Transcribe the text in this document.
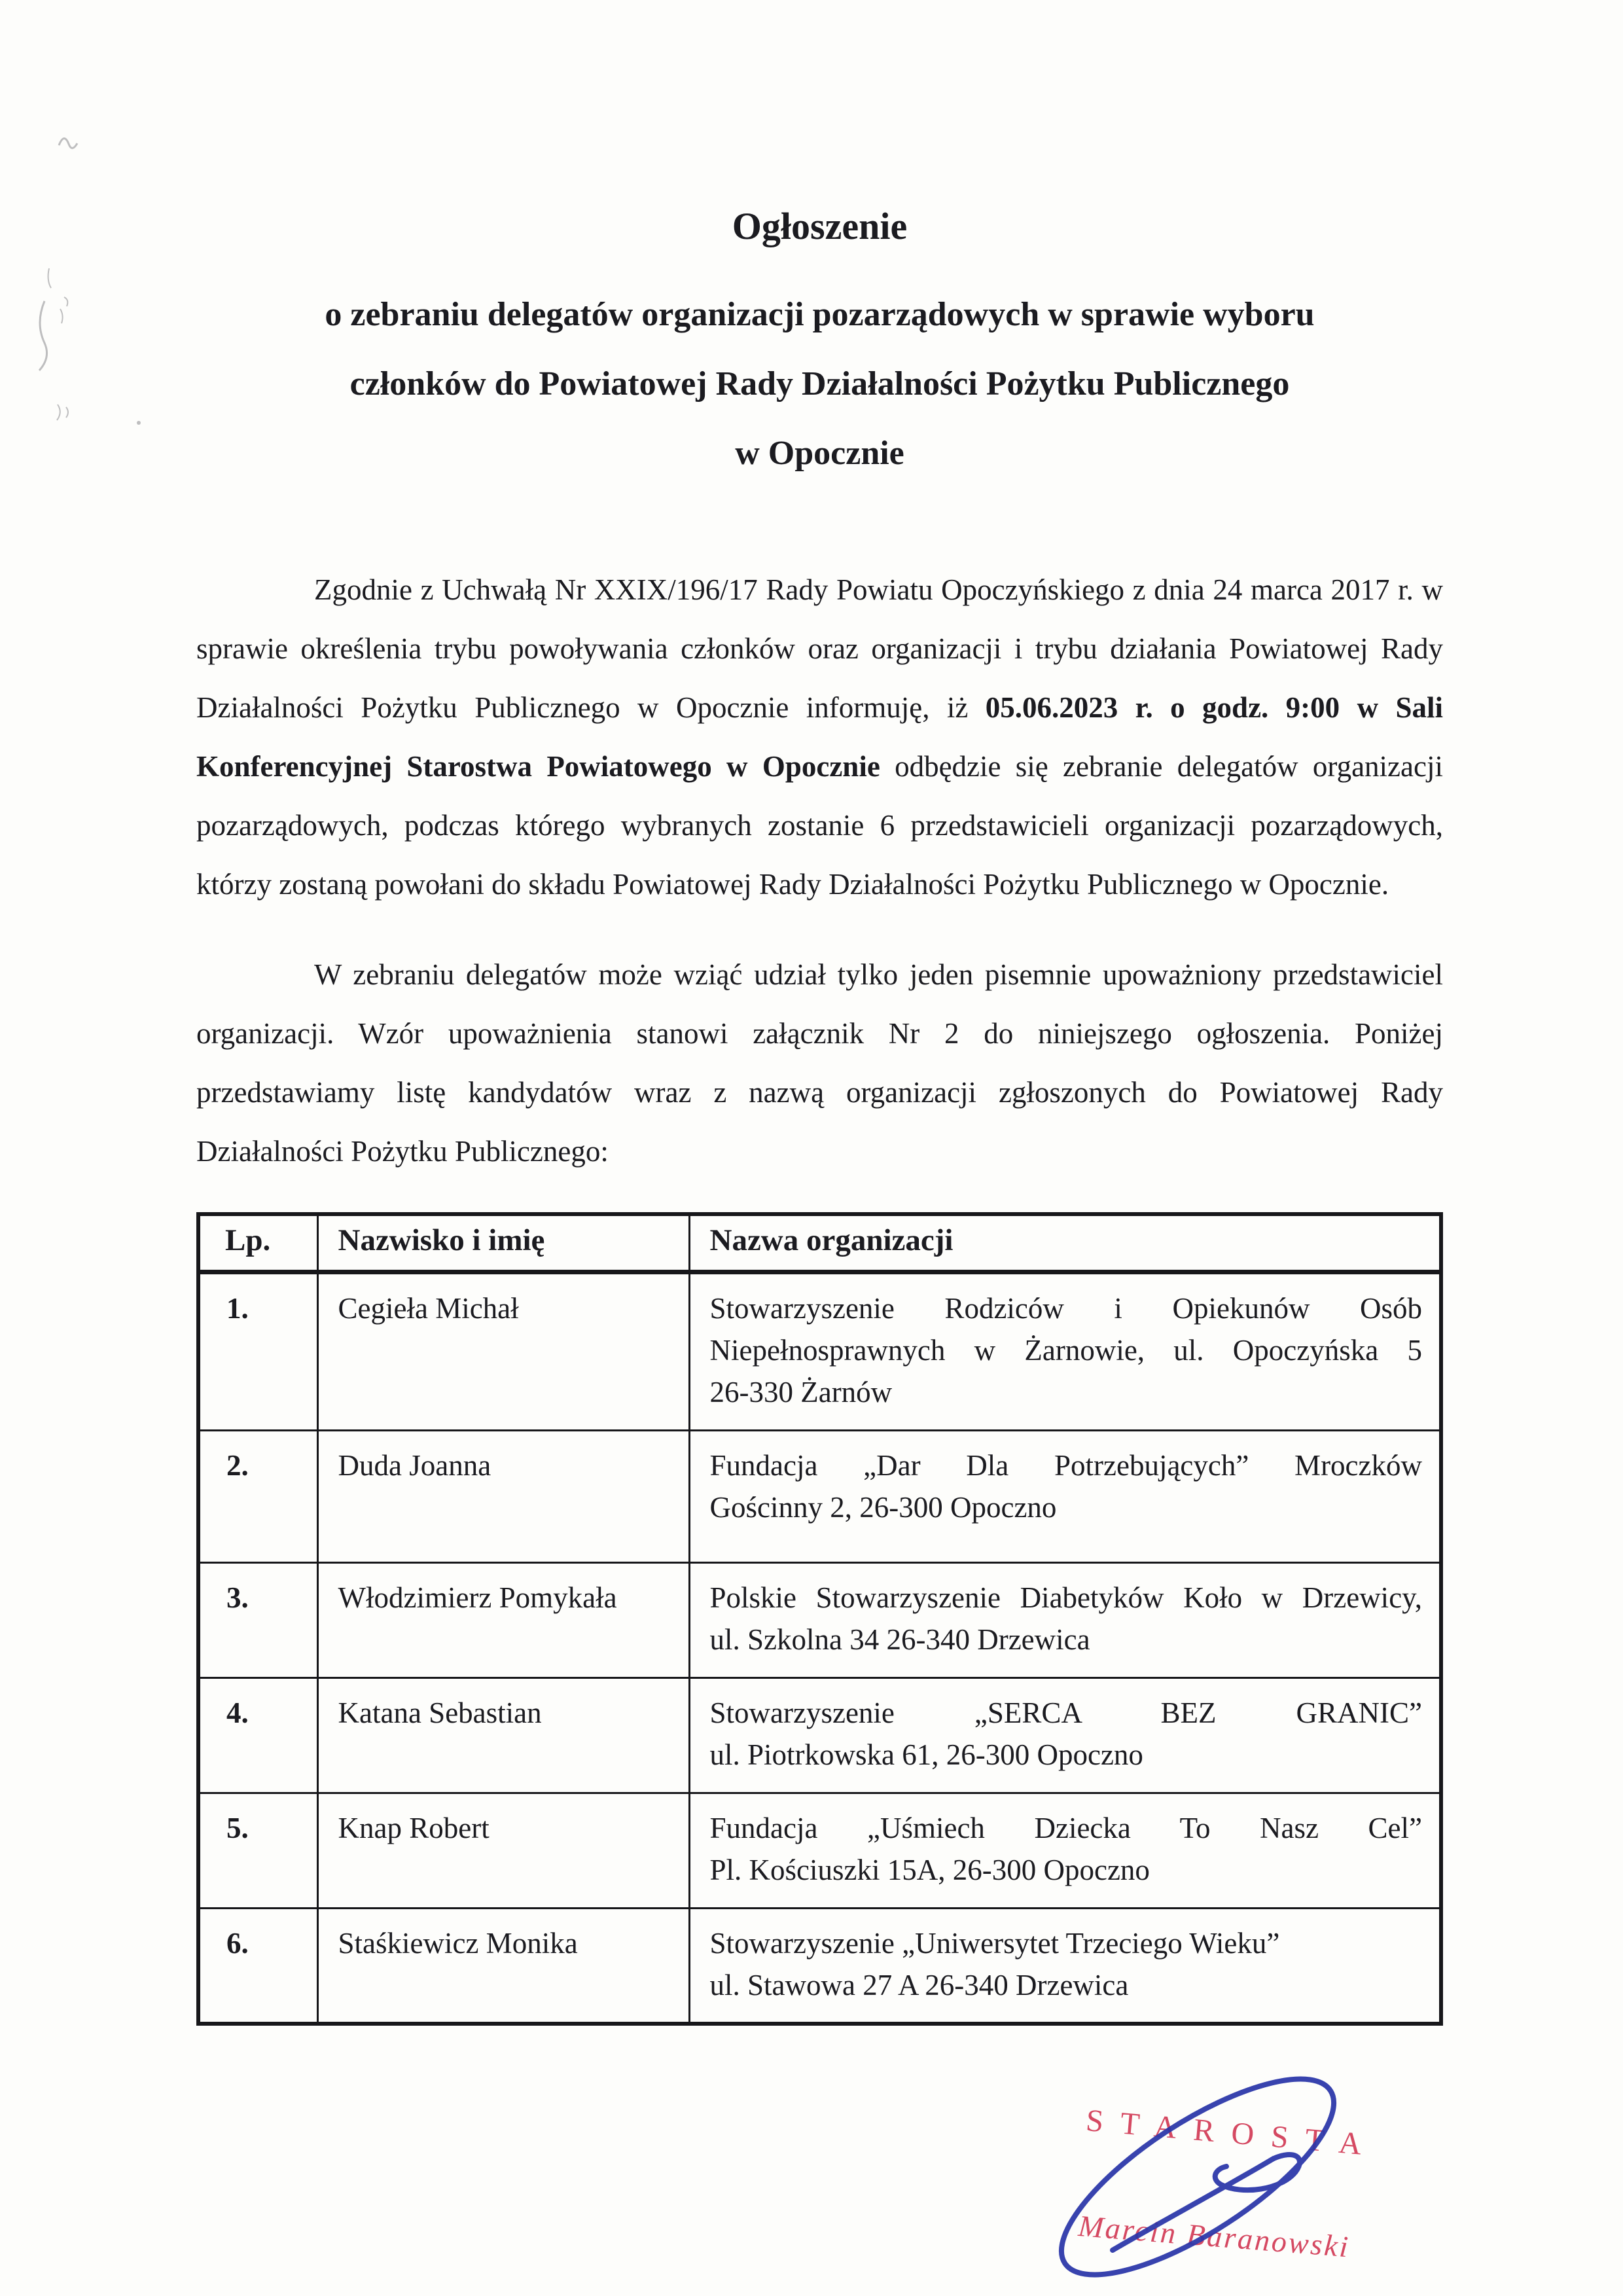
Ogłoszenie
o zebraniu delegatów organizacji pozarządowych w sprawie wyboru
członków do Powiatowej Rady Działalności Pożytku Publicznego
w Opocznie

Zgodnie z Uchwałą Nr XXIX/196/17 Rady Powiatu Opoczyńskiego z dnia 24 marca 2017 r. w sprawie określenia trybu powoływania członków oraz organizacji i trybu działania Powiatowej Rady Działalności Pożytku Publicznego w Opocznie informuję, iż 05.06.2023 r. o godz. 9:00 w Sali Konferencyjnej Starostwa Powiatowego w Opocznie odbędzie się zebranie delegatów organizacji pozarządowych, podczas którego wybranych zostanie 6 przedstawicieli organizacji pozarządowych, którzy zostaną powołani do składu Powiatowej Rady Działalności Pożytku Publicznego w Opocznie.

W zebraniu delegatów może wziąć udział tylko jeden pisemnie upoważniony przedstawiciel organizacji. Wzór upoważnienia stanowi załącznik Nr 2 do niniejszego ogłoszenia. Poniżej przedstawiamy listę kandydatów wraz z nazwą organizacji zgłoszonych do Powiatowej Rady Działalności Pożytku Publicznego:

Lp.	Nazwisko i imię	Nazwa organizacji
1.	Cegieła Michał	Stowarzyszenie Rodziców i Opiekunów Osób
Niepełnosprawnych w Żarnowie, ul. Opoczyńska 5
26-330 Żarnów

2.	Duda Joanna	Fundacja „Dar Dla Potrzebujących” Mroczków
Gościnny 2, 26-300 Opoczno

3.	Włodzimierz Pomykała	Polskie Stowarzyszenie Diabetyków Koło w Drzewicy,
ul. Szkolna 34 26-340 Drzewica

4.	Katana Sebastian	Stowarzyszenie „SERCA BEZ GRANIC”
ul. Piotrkowska 61, 26-300 Opoczno

5.	Knap Robert	Fundacja „Uśmiech Dziecka To Nasz Cel”
Pl. Kościuszki 15A, 26-300 Opoczno

6.	Staśkiewicz Monika	Stowarzyszenie „Uniwersytet Trzeciego Wieku”
ul. Stawowa 27 A 26-340 Drzewica
STAROSTA
Marcin Baranowski
